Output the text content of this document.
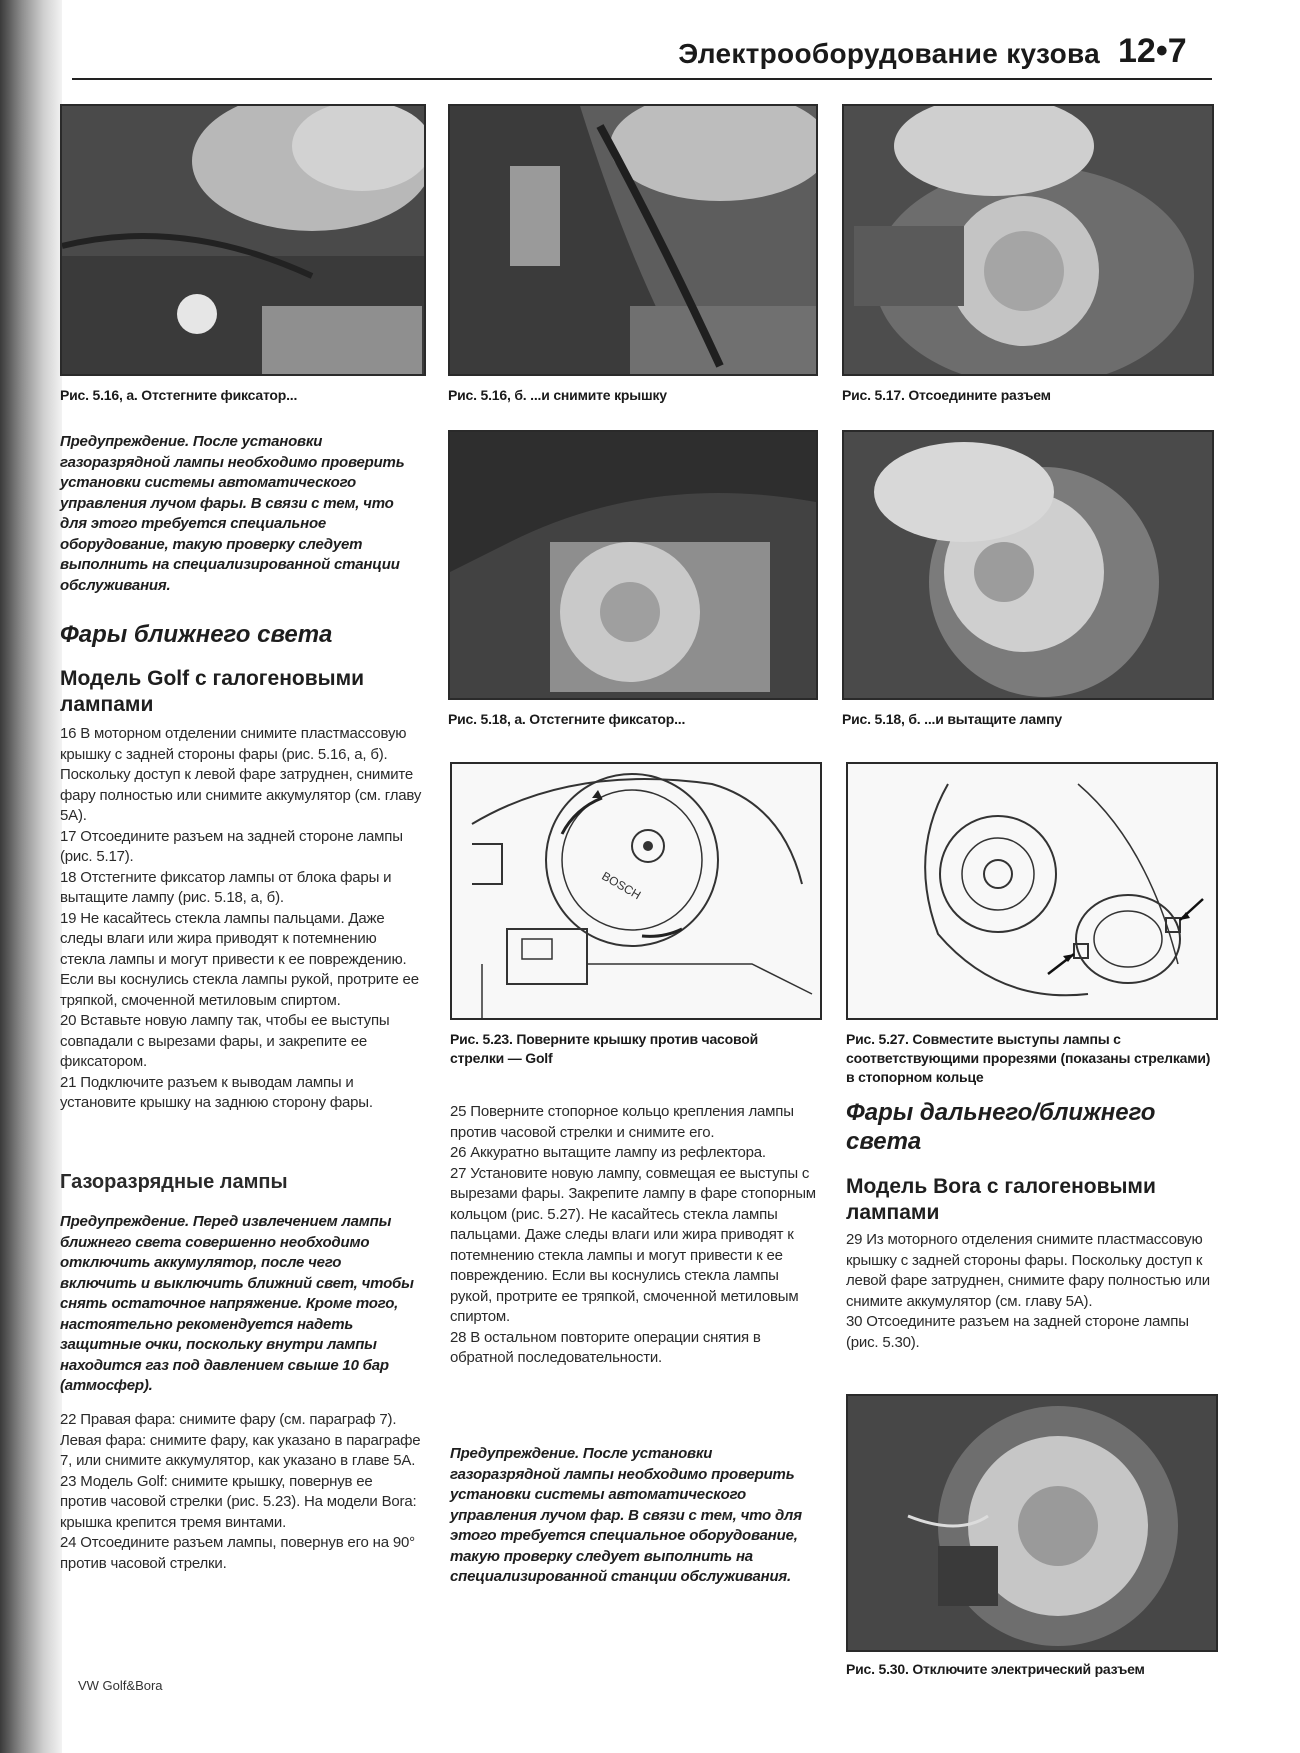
Электрооборудование кузова 12•7
Рис. 5.16, а. Отстегните фиксатор...	Рис. 5.16, б. ...и снимите крышку	Рис. 5.17. Отсоедините разъем
Рис. 5.18, а. Отстегните фиксатор...	Рис. 5.18, б. ...и вытащите лампу
Предупреждение. После установки газоразрядной лампы необходимо проверить установки системы автоматического управления лучом фары. В связи с тем, что для этого требуется специальное оборудование, такую проверку следует выполнить на специализированной станции обслуживания.
Фары ближнего света
Модель Golf с галогеновыми лампами

16 В моторном отделении снимите пластмассовую крышку с задней стороны фары (рис. 5.16, а, б). Поскольку доступ к левой фаре затруднен, снимите фару полностью или снимите аккумулятор (см. главу 5А).

17 Отсоедините разъем на задней стороне лампы (рис. 5.17).

18 Отстегните фиксатор лампы от блока фары и вытащите лампу (рис. 5.18, а, б).

19 Не касайтесь стекла лампы пальцами. Даже следы влаги или жира приводят к потемнению стекла лампы и могут привести к ее повреждению. Если вы коснулись стекла лампы рукой, протрите ее тряпкой, смоченной метиловым спиртом.

20 Вставьте новую лампу так, чтобы ее выступы совпадали с вырезами фары, и закрепите ее фиксатором.

21 Подключите разъем к выводам лампы и установите крышку на заднюю сторону фары.

Газоразрядные лампы
Предупреждение. Перед извлечением лампы ближнего света совершенно необходимо отключить аккумулятор, после чего включить и выключить ближний свет, чтобы снять остаточное напряжение. Кроме того, настоятельно рекомендуется надеть защитные очки, поскольку внутри лампы находится газ под давлением свыше 10 бар (атмосфер).

22 Правая фара: снимите фару (см. параграф 7). Левая фара: снимите фару, как указано в параграфе 7, или снимите аккумулятор, как указано в главе 5А.

23 Модель Golf: снимите крышку, повернув ее против часовой стрелки (рис. 5.23). На модели Bora: крышка крепится тремя винтами.

24 Отсоедините разъем лампы, повернув его на 90° против часовой стрелки.

BOSCH
Рис. 5.23. Поверните крышку против часовой стрелки — Golf

25 Поверните стопорное кольцо крепления лампы против часовой стрелки и снимите его.

26 Аккуратно вытащите лампу из рефлектора.

27 Установите новую лампу, совмещая ее выступы с вырезами фары. Закрепите лампу в фаре стопорным кольцом (рис. 5.27). Не касайтесь стекла лампы пальцами. Даже следы влаги или жира приводят к потемнению стекла лампы и могут привести к ее повреждению. Если вы коснулись стекла лампы рукой, протрите ее тряпкой, смоченной метиловым спиртом.

28 В остальном повторите операции снятия в обратной последовательности.

Предупреждение. После установки газоразрядной лампы необходимо проверить установки системы автоматического управления лучом фар. В связи с тем, что для этого требуется специальное оборудование, такую проверку следует выполнить на специализированной станции обслуживания.
Рис. 5.27. Совместите выступы лампы с соответствующими прорезями (показаны стрелками) в стопорном кольце
Фары дальнего/ближнего света
Модель Bora с галогеновыми лампами

29 Из моторного отделения снимите пластмассовую крышку с задней стороны фары. Поскольку доступ к левой фаре затруднен, снимите фару полностью или снимите аккумулятор (см. главу 5А).

30 Отсоедините разъем на задней стороне лампы (рис. 5.30).

Рис. 5.30. Отключите электрический разъем
VW Golf&Bora
